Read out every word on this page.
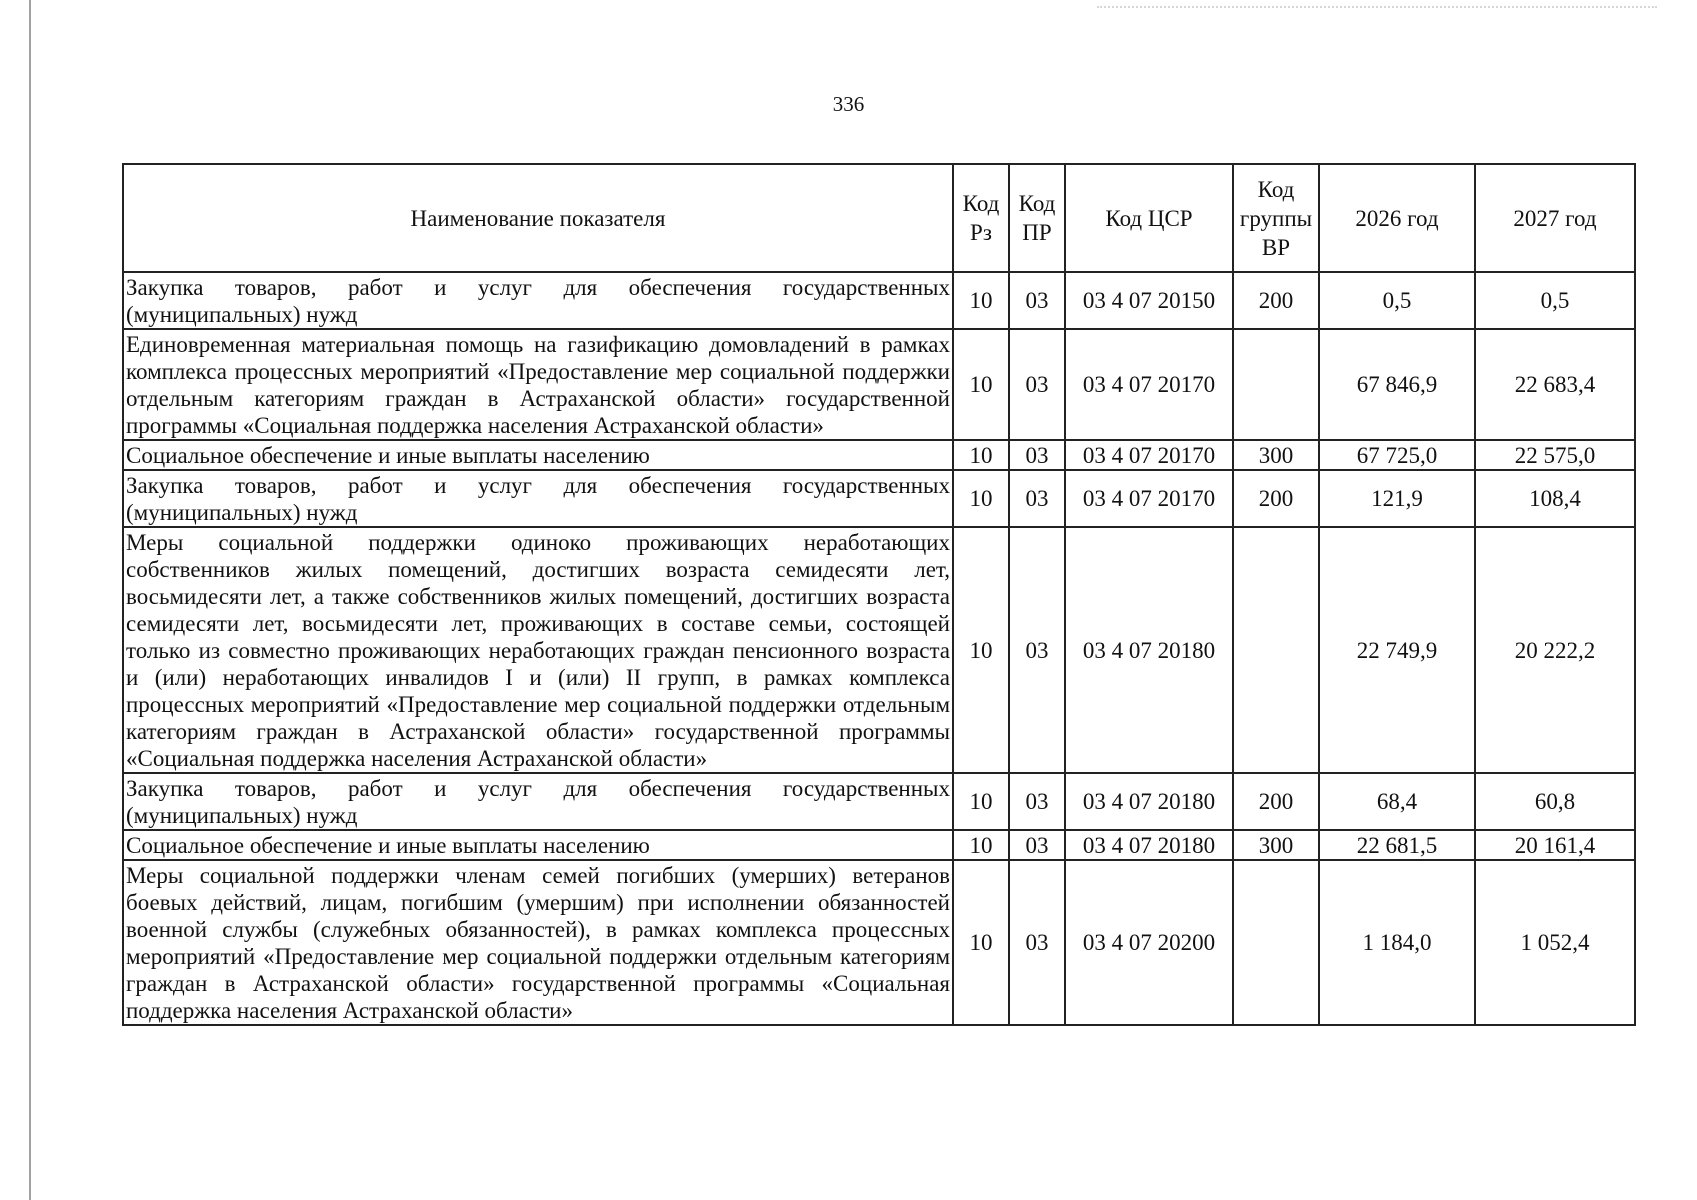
336
Наименование показателя	Код Рз	Код ПР	Код ЦСР	Код группы ВР	2026 год	2027 год
Закупка товаров, работ и услуг для обеспечения государственных (муниципальных) нужд	10	03	03 4 07 20150	200	0,5	0,5
Единовременная материальная помощь на газификацию домовладений в рамках комплекса процессных мероприятий «Предоставление мер социальной поддержки отдельным категориям граждан в Астраханской области» государственной программы «Социальная поддержка населения Астраханской области»	10	03	03 4 07 20170		67 846,9	22 683,4
Социальное обеспечение и иные выплаты населению	10	03	03 4 07 20170	300	67 725,0	22 575,0
Закупка товаров, работ и услуг для обеспечения государственных (муниципальных) нужд	10	03	03 4 07 20170	200	121,9	108,4
Меры социальной поддержки одиноко проживающих неработающих собственников жилых помещений, достигших возраста семидесяти лет, восьмидесяти лет, а также собственников жилых помещений, достигших возраста семидесяти лет, восьмидесяти лет, проживающих в составе семьи, состоящей только из совместно проживающих неработающих граждан пенсионного возраста и (или) неработающих инвалидов I и (или) II групп, в рамках комплекса процессных мероприятий «Предоставление мер социальной поддержки отдельным категориям граждан в Астраханской области» государственной программы «Социальная поддержка населения Астраханской области»	10	03	03 4 07 20180		22 749,9	20 222,2
Закупка товаров, работ и услуг для обеспечения государственных (муниципальных) нужд	10	03	03 4 07 20180	200	68,4	60,8
Социальное обеспечение и иные выплаты населению	10	03	03 4 07 20180	300	22 681,5	20 161,4
Меры социальной поддержки членам семей погибших (умерших) ветеранов боевых действий, лицам, погибшим (умершим) при исполнении обязанностей военной службы (служебных обязанностей), в рамках комплекса процессных мероприятий «Предоставление мер социальной поддержки отдельным категориям граждан в Астраханской области» государственной программы «Социальная поддержка населения Астраханской области»	10	03	03 4 07 20200		1 184,0	1 052,4
